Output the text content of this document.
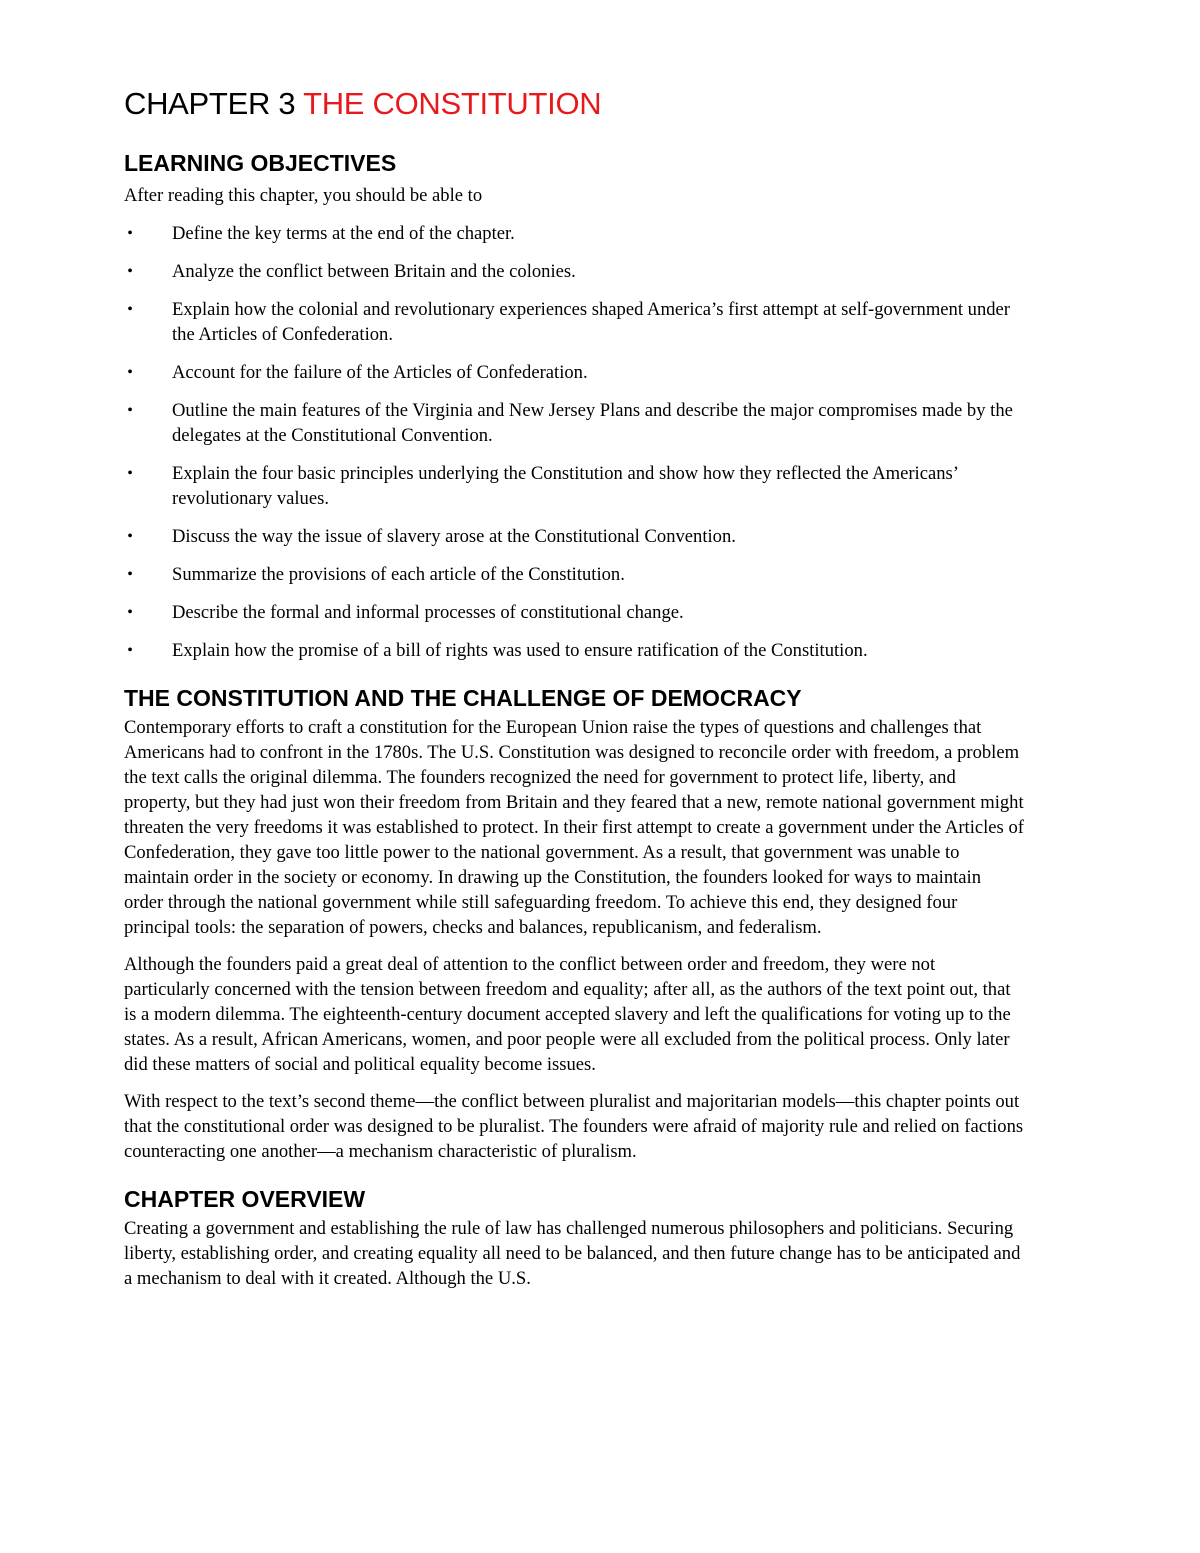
CHAPTER 3 THE CONSTITUTION
LEARNING OBJECTIVES

After reading this chapter, you should be able to

• Define the key terms at the end of the chapter.
• Analyze the conflict between Britain and the colonies.
• Explain how the colonial and revolutionary experiences shaped America’s first attempt at self-government under the Articles of Confederation.
• Account for the failure of the Articles of Confederation.
• Outline the main features of the Virginia and New Jersey Plans and describe the major compromises made by the delegates at the Constitutional Convention.
• Explain the four basic principles underlying the Constitution and show how they reflected the Americans’ revolutionary values.
• Discuss the way the issue of slavery arose at the Constitutional Convention.
• Summarize the provisions of each article of the Constitution.
• Describe the formal and informal processes of constitutional change.
• Explain how the promise of a bill of rights was used to ensure ratification of the Constitution.
THE CONSTITUTION AND THE CHALLENGE OF DEMOCRACY

Contemporary efforts to craft a constitution for the European Union raise the types of questions and challenges that Americans had to confront in the 1780s. The U.S. Constitution was designed to reconcile order with freedom, a problem the text calls the original dilemma. The founders recognized the need for government to protect life, liberty, and property, but they had just won their freedom from Britain and they feared that a new, remote national government might threaten the very freedoms it was established to protect. In their first attempt to create a government under the Articles of Confederation, they gave too little power to the national government. As a result, that government was unable to maintain order in the society or economy. In drawing up the Constitution, the founders looked for ways to maintain order through the national government while still safeguarding freedom. To achieve this end, they designed four principal tools: the separation of powers, checks and balances, republicanism, and federalism.

Although the founders paid a great deal of attention to the conflict between order and freedom, they were not particularly concerned with the tension between freedom and equality; after all, as the authors of the text point out, that is a modern dilemma. The eighteenth-century document accepted slavery and left the qualifications for voting up to the states. As a result, African Americans, women, and poor people were all excluded from the political process. Only later did these matters of social and political equality become issues.

With respect to the text’s second theme—the conflict between pluralist and majoritarian models—this chapter points out that the constitutional order was designed to be pluralist. The founders were afraid of majority rule and relied on factions counteracting one another—a mechanism characteristic of pluralism.

CHAPTER OVERVIEW

Creating a government and establishing the rule of law has challenged numerous philosophers and politicians. Securing liberty, establishing order, and creating equality all need to be balanced, and then future change has to be anticipated and a mechanism to deal with it created. Although the U.S.
